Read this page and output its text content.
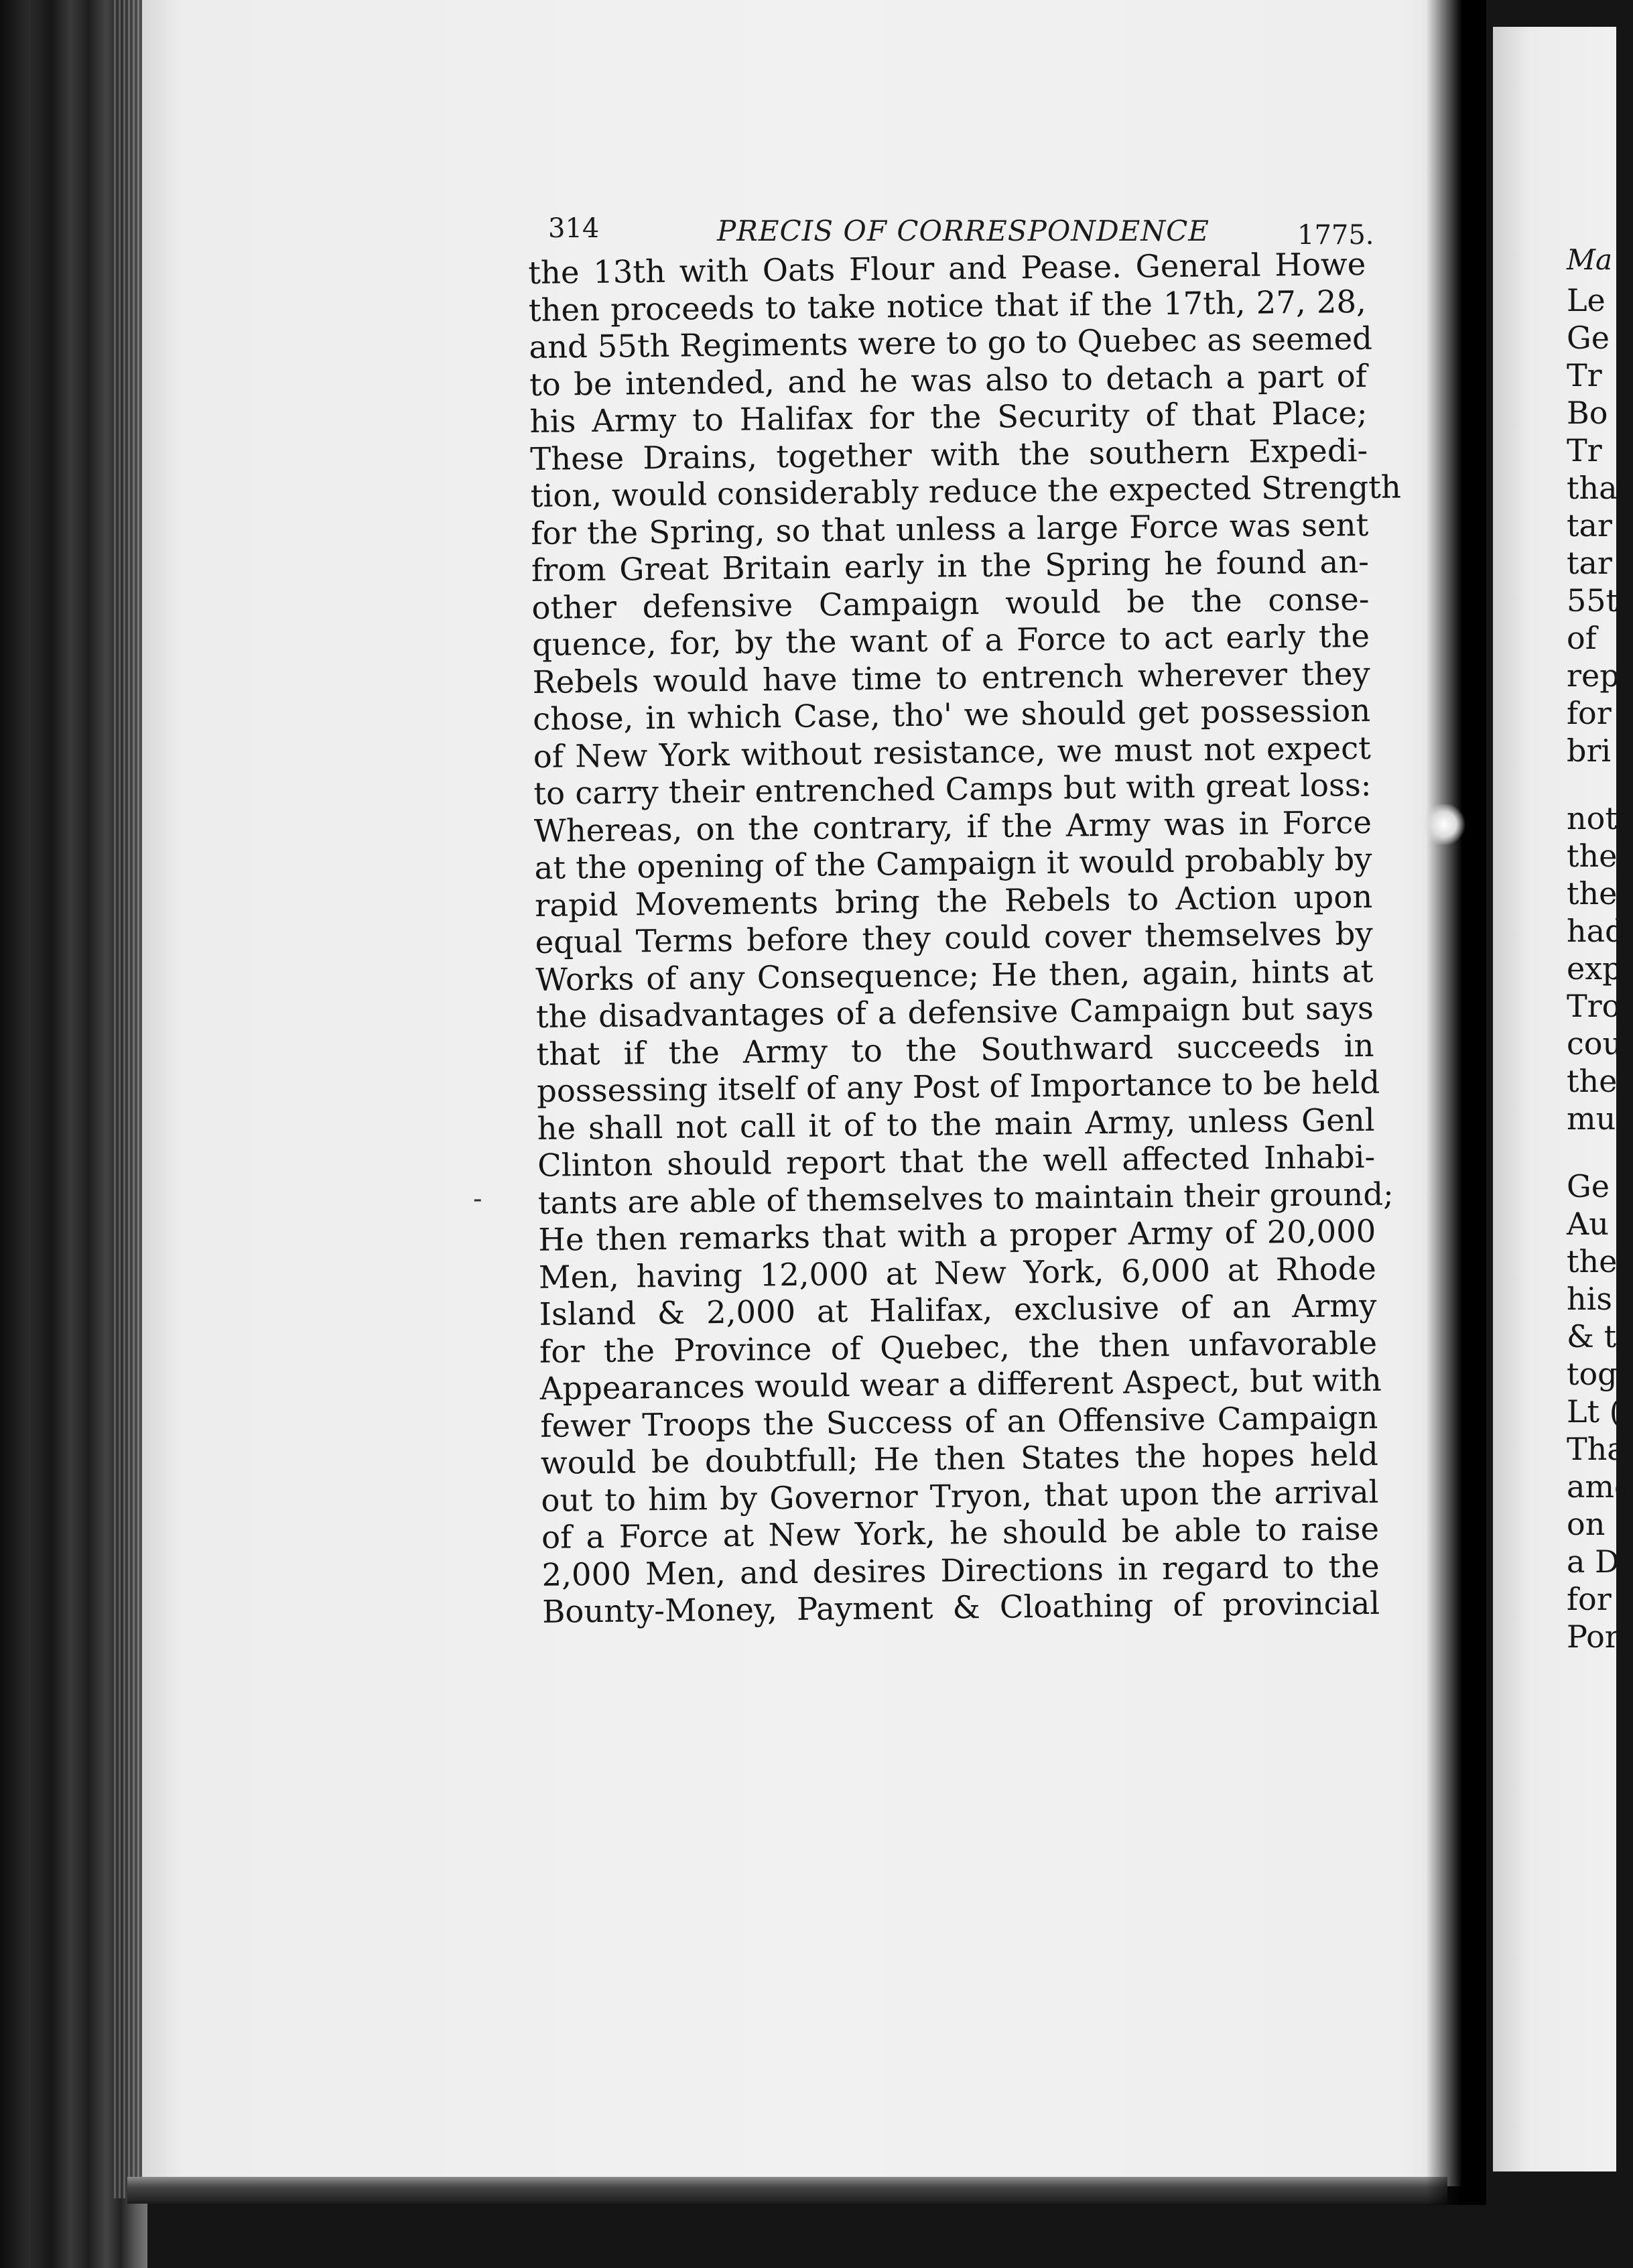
314	PRECIS OF CORRESPONDENCE	1775.
-
the 13th with Oats Flour and Pease. General Howe
then proceeds to take notice that if the 17th, 27, 28,
and 55th Regiments were to go to Quebec as seemed
to be intended, and he was also to detach a part of
his Army to Halifax for the Security of that Place;
These Drains, together with the southern Expedi-
tion, would considerably reduce the expected Strength
for the Spring, so that unless a large Force was sent
from Great Britain early in the Spring he found an-
other defensive Campaign would be the conse-
quence, for, by the want of a Force to act early the
Rebels would have time to entrench wherever they
chose, in which Case, tho' we should get possession
of New York without resistance, we must not expect
to carry their entrenched Camps but with great loss:
Whereas, on the contrary, if the Army was in Force
at the opening of the Campaign it would probably by
rapid Movements bring the Rebels to Action upon
equal Terms before they could cover themselves by
Works of any Consequence; He then, again, hints at
the disadvantages of a defensive Campaign but says
that if the Army to the Southward succeeds in
possessing itself of any Post of Importance to be held
he shall not call it of to the main Army, unless Genl
Clinton should report that the well affected Inhabi-
tants are able of themselves to maintain their ground;
He then remarks that with a proper Army of 20,000
Men, having 12,000 at New York, 6,000 at Rhode
Island & 2,000 at Halifax, exclusive of an Army
for the Province of Quebec, the then unfavorable
Appearances would wear a different Aspect, but with
fewer Troops the Success of an Offensive Campaign
would be doubtfull; He then States the hopes held
out to him by Governor Tryon, that upon the arrival
of a Force at New York, he should be able to raise
2,000 Men, and desires Directions in regard to the
Bounty-Money, Payment & Cloathing of provincial
Ma
Le
Ge
Tr
Bo
Tr
tha
tar
tar
55t
of
rep
for
bri
not
the
the
had
exp
Tro
cou
the
mu
Ge
Au
the
his
& t
tog
Lt (
Tha
amo
on
a D
for
Por
